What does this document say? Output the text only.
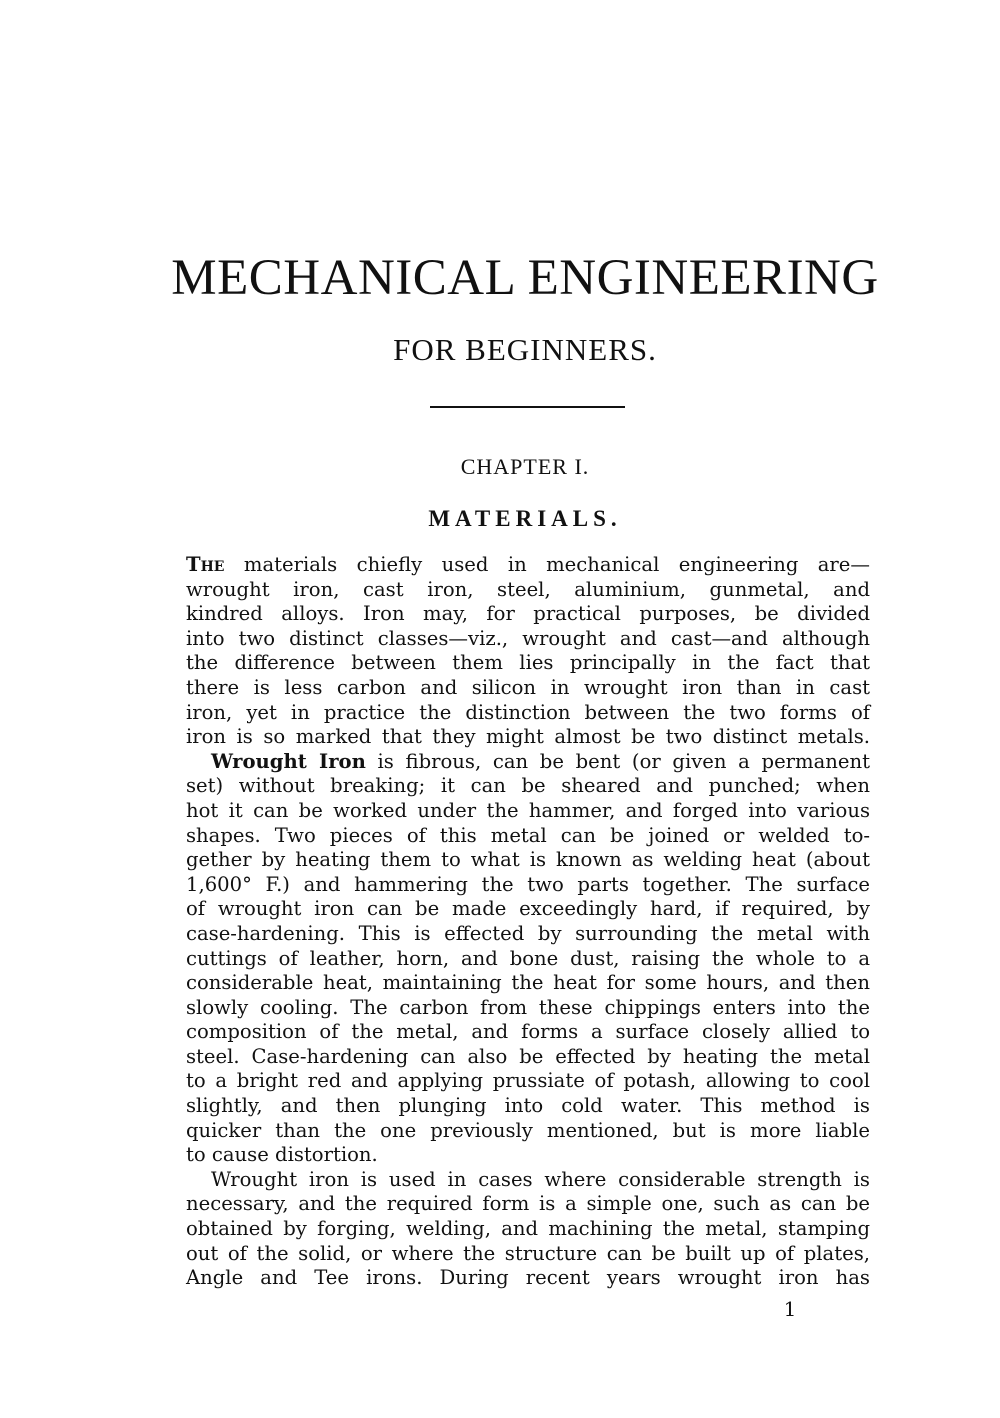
MECHANICAL ENGINEERING
FOR BEGINNERS.
CHAPTER I.
MATERIALS.
The materials chiefly used in mechanical engineering are—
wrought iron, cast iron, steel, aluminium, gunmetal, and
kindred alloys. Iron may, for practical purposes, be divided
into two distinct classes—viz., wrought and cast—and although
the difference between them lies principally in the fact that
there is less carbon and silicon in wrought iron than in cast
iron, yet in practice the distinction between the two forms of
iron is so marked that they might almost be two distinct metals.
Wrought Iron is fibrous, can be bent (or given a permanent
set) without breaking; it can be sheared and punched; when
hot it can be worked under the hammer, and forged into various
shapes. Two pieces of this metal can be joined or welded to-
gether by heating them to what is known as welding heat (about
1,600° F.) and hammering the two parts together. The surface
of wrought iron can be made exceedingly hard, if required, by
case-hardening. This is effected by surrounding the metal with
cuttings of leather, horn, and bone dust, raising the whole to a
considerable heat, maintaining the heat for some hours, and then
slowly cooling. The carbon from these chippings enters into the
composition of the metal, and forms a surface closely allied to
steel. Case-hardening can also be effected by heating the metal
to a bright red and applying prussiate of potash, allowing to cool
slightly, and then plunging into cold water. This method is
quicker than the one previously mentioned, but is more liable
to cause distortion.
Wrought iron is used in cases where considerable strength is
necessary, and the required form is a simple one, such as can be
obtained by forging, welding, and machining the metal, stamping
out of the solid, or where the structure can be built up of plates,
Angle and Tee irons. During recent years wrought iron has
1
